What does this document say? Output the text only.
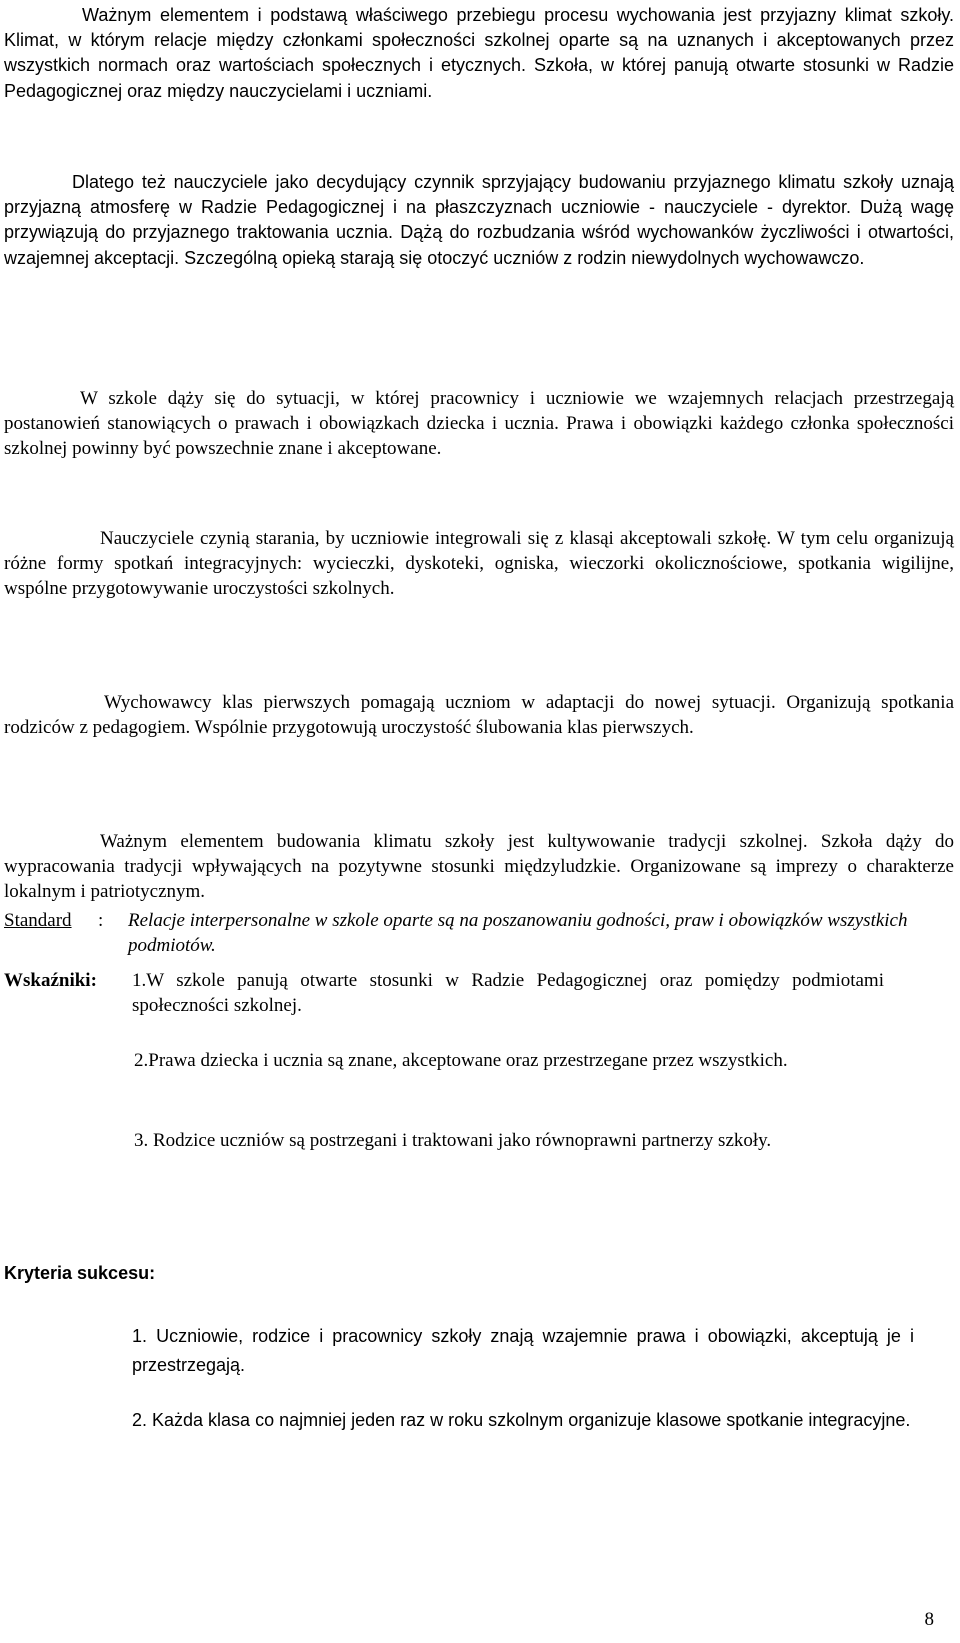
Ważnym elementem i podstawą właściwego przebiegu procesu wychowania jest przyjazny klimat szkoły. Klimat, w którym relacje między członkami społeczności szkolnej oparte są na uznanych i akceptowanych przez wszystkich normach oraz wartościach społecznych i etycznych. Szkoła, w której panują otwarte stosunki w Radzie Pedagogicznej oraz między nauczycielami i uczniami.

Dlatego też nauczyciele jako decydujący czynnik sprzyjający budowaniu przyjaznego klimatu szkoły uznają przyjazną atmosferę w Radzie Pedagogicznej i na płaszczyznach uczniowie - nauczyciele - dyrektor. Dużą wagę przywiązują do przyjaznego traktowania ucznia. Dążą do rozbudzania wśród wychowanków życzliwości i otwartości, wzajemnej akceptacji. Szczególną opieką starają się otoczyć uczniów z rodzin niewydolnych wychowawczo.

W szkole dąży się do sytuacji, w której pracownicy i uczniowie we wzajemnych relacjach przestrzegają postanowień stanowiących o prawach i obowiązkach dziecka i ucznia. Prawa i obowiązki każdego członka społeczności szkolnej powinny być powszechnie znane i akceptowane.

Nauczyciele czynią starania, by uczniowie integrowali się z klasąi akceptowali szkołę. W tym celu organizują różne formy spotkań integracyjnych: wycieczki, dyskoteki, ogniska, wieczorki okolicznościowe, spotkania wigilijne, wspólne przygotowywanie uroczystości szkolnych.

Wychowawcy klas pierwszych pomagają uczniom w adaptacji do nowej sytuacji. Organizują spotkania rodziców z pedagogiem. Wspólnie przygotowują uroczystość ślubowania klas pierwszych.

Ważnym elementem budowania klimatu szkoły jest kultywowanie tradycji szkolnej. Szkoła dąży do wypracowania tradycji wpływających na pozytywne stosunki międzyludzkie. Organizowane są imprezy o charakterze lokalnym i patriotycznym.

Standard : Relacje interpersonalne w szkole oparte są na poszanowaniu godności, praw i obowiązków wszystkich podmiotów.
Wskaźniki: 1.W szkole panują otwarte stosunki w Radzie Pedagogicznej oraz pomiędzy podmiotami społeczności szkolnej.

2.Prawa dziecka i ucznia są znane, akceptowane oraz przestrzegane przez wszystkich.

3. Rodzice uczniów są postrzegani i traktowani jako równoprawni partnerzy szkoły.

Kryteria sukcesu:

1. Uczniowie, rodzice i pracownicy szkoły znają wzajemnie prawa i obowiązki, akceptują je i przestrzegają.

2. Każda klasa co najmniej jeden raz w roku szkolnym organizuje klasowe spotkanie integracyjne.

8
